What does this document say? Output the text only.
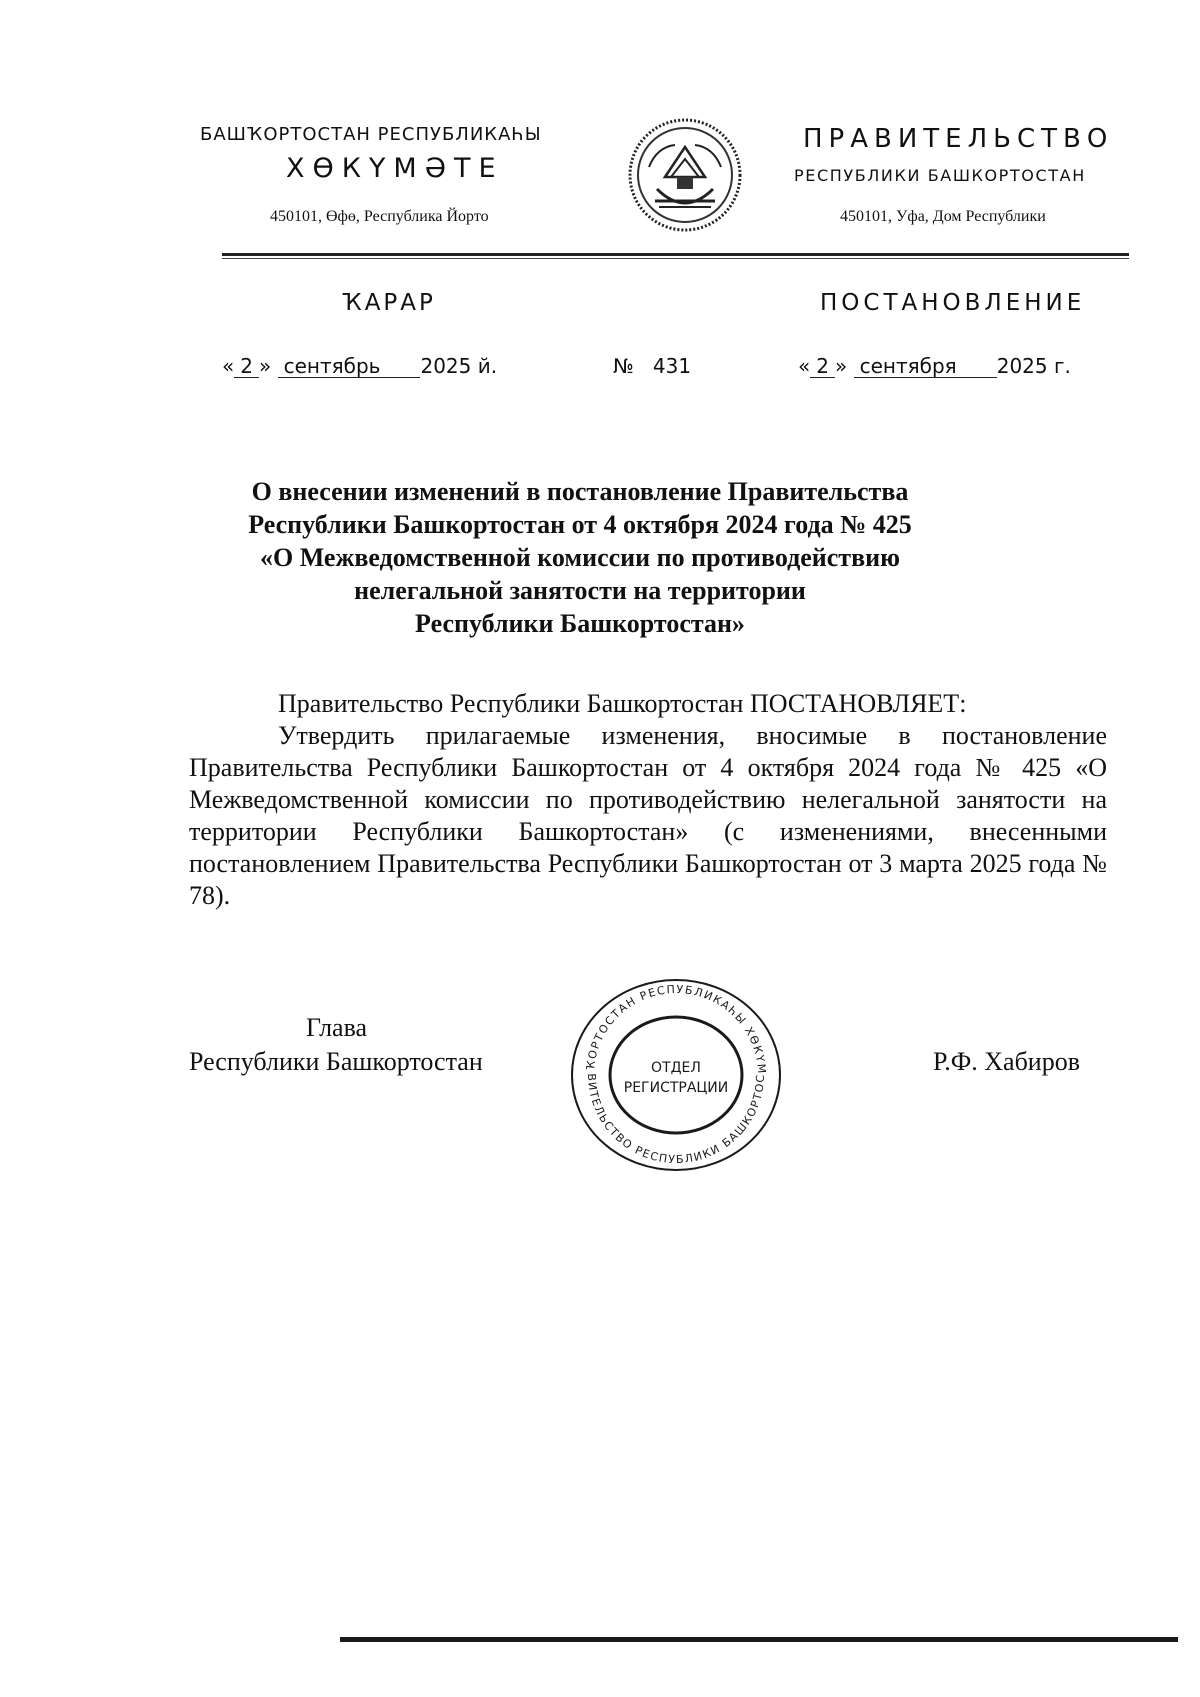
БАШҠОРТОСТАН РЕСПУБЛИКАҺЫ
ХӨКҮМӘТЕ
450101, Өфө, Республика Йорто
ПРАВИТЕЛЬСТВО
РЕСПУБЛИКИ БАШКОРТОСТАН
450101, Уфа, Дом Республики
ҠАРАР	ПОСТАНОВЛЕНИЕ
« 2 » сентябрь 2025 й.	№   431	« 2 » сентября 2025 г.
О внесении изменений в постановление Правительства
Республики Башкортостан от 4 октября 2024 года № 425
«О Межведомственной комиссии по противодействию
нелегальной занятости на территории
Республики Башкортостан»
Правительство Республики Башкортостан ПОСТАНОВЛЯЕТ:
Утвердить прилагаемые изменения, вносимые в постановление Правительства Республики Башкортостан от 4 октября 2024 года № 425 «О Межведомственной комиссии по противодействию нелегальной занятости на территории Республики Башкортостан» (с изменениями, внесенными постановлением Правительства Республики Башкортостан от 3 марта 2025 года № 78).
Глава
Республики Башкортостан	Р.Ф. Хабиров
ҠОРТОСТАН РЕСПУБЛИКАҺЫ ХӨКҮМ
ВИТЕЛЬСТВО РЕСПУБЛИКИ БАШКОРТОС
ОТДЕЛ
РЕГИСТРАЦИИ
